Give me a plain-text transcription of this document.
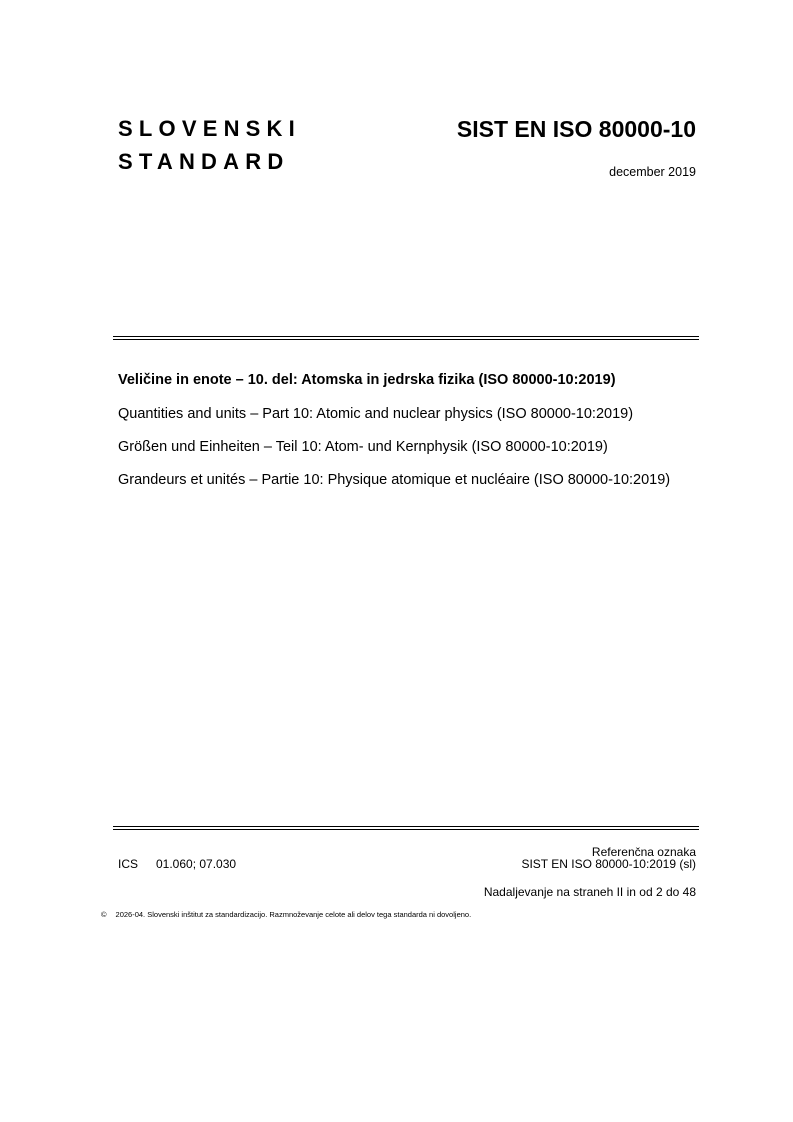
SLOVENSKI
STANDARD
SIST EN ISO 80000-10
december 2019

Veličine in enote – 10. del: Atomska in jedrska fizika (ISO 80000-10:2019)

Quantities and units – Part 10: Atomic and nuclear physics (ISO 80000-10:2019)

Größen und Einheiten – Teil 10: Atom- und Kernphysik (ISO 80000-10:2019)

Grandeurs et unités – Partie 10: Physique atomique et nucléaire (ISO 80000-10:2019)

ICS 01.060; 07.030
Referenčna oznaka
SIST EN ISO 80000-10:2019 (sl)
Nadaljevanje na straneh II in od 2 do 48
© 2026-04. Slovenski inštitut za standardizacijo. Razmnoževanje celote ali delov tega standarda ni dovoljeno.
